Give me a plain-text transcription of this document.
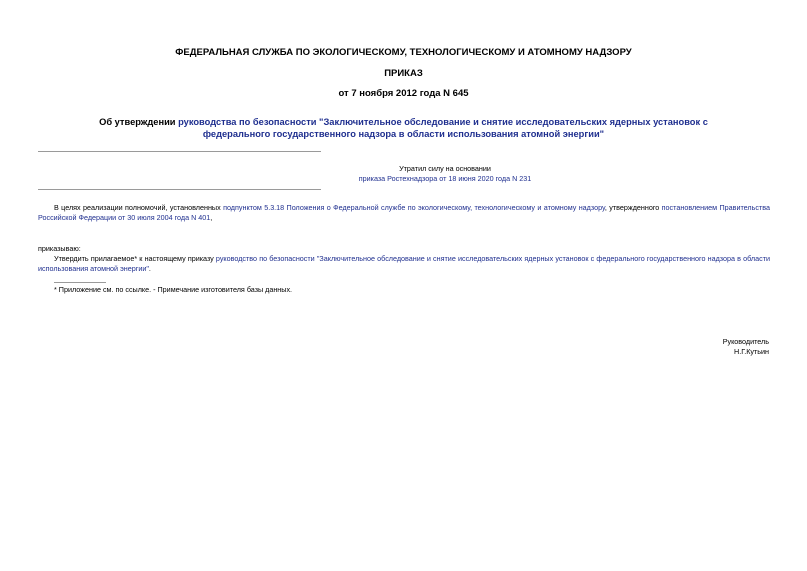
ФЕДЕРАЛЬНАЯ СЛУЖБА ПО ЭКОЛОГИЧЕСКОМУ, ТЕХНОЛОГИЧЕСКОМУ И АТОМНОМУ НАДЗОРУ
ПРИКАЗ
от 7 ноября 2012 года N 645
Об утверждении руководства по безопасности "Заключительное обследование и снятие исследовательских ядерных установок с федерального государственного надзора в области использования атомной энергии"
Утратил силу на основании
приказа Ростехнадзора от 18 июня 2020 года N 231
В целях реализации полномочий, установленных подпунктом 5.3.18 Положения о Федеральной службе по экологическому, технологическому и атомному надзору, утвержденного постановлением Правительства Российской Федерации от 30 июля 2004 года N 401,
приказываю:
Утвердить прилагаемое* к настоящему приказу руководство по безопасности "Заключительное обследование и снятие исследовательских ядерных установок с федерального государственного надзора в области использования атомной энергии".
* Приложение см. по ссылке. - Примечание изготовителя базы данных.
Руководитель
Н.Г.Кутьин
